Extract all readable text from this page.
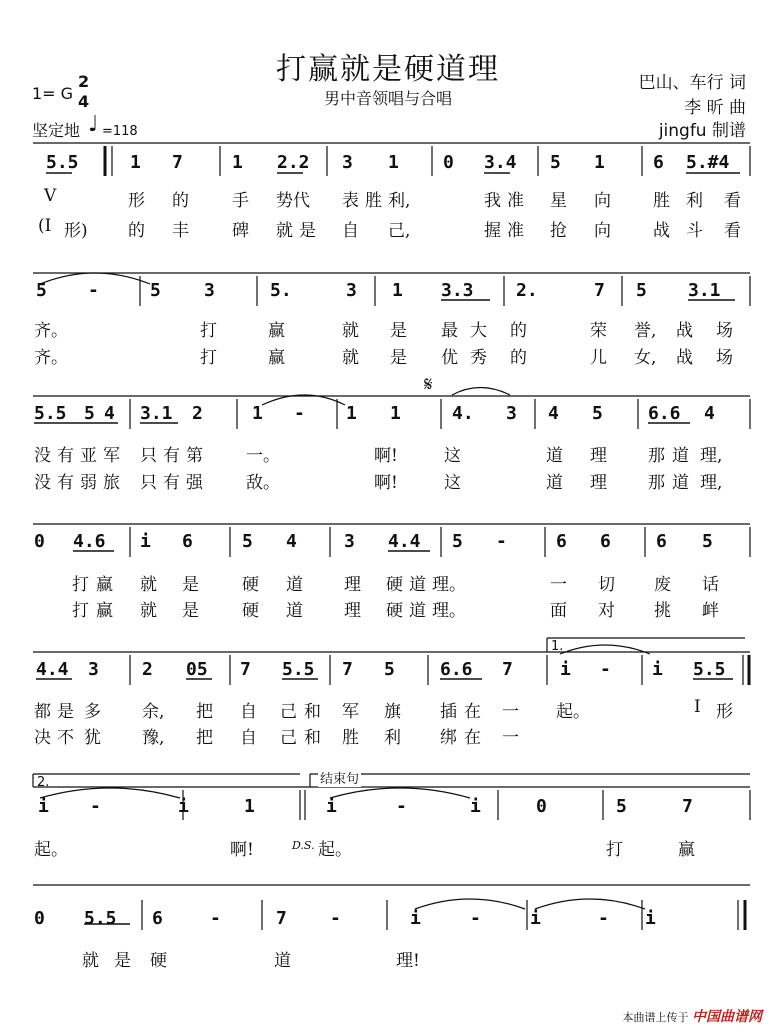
打赢就是硬道理
男中音领唱与合唱
巴山、车行 词
李 昕 曲
jingfu 制谱
1= G
2
4
坚定地 ♩ =118
𝄋
1.
2.	结束句
5.5	1 7	1 2.2 3 1 0 3.4 5 1	6 5.#4
V	形 的	手 势 代 表 胜 利,	我 准 星 向 胜 利 看
(I 形) 的 丰	碑 就 是 自 己,	握 准 抢 向 战 斗 看
5 -	5 3	5.	3 1 3.3 2.	7 5 3.1
齐。	打	赢	就 是 最 大 的	荣 誉, 战 场
齐。	打	赢	就 是 优 秀 的	儿 女, 战 场
5.5 5 4 3.1 2	1 - 1 1	4. 3 4 5	6.6 4
没 有 亚 军 只 有 第	一。	啊!	这	道 理 那 道 理,
没 有 弱 旅 只 有 强	敌。	啊!	这	道 理 那 道 理,
0 4.6 i 6	5 4	3 4.4 5 -	6 6	6 5
打 赢 就 是	硬 道 理 硬 道 理。	一 切 废 话
打 赢 就 是	硬 道 理 硬 道 理。	面 对 挑 衅
4.4 3 2 05 7 5.5 7 5	6.6 7	i - i 5.5
都 是 多 余, 把 自 己 和 军 旗 插 在 一 起。	I 形
决 不 犹 豫, 把 自 己 和 胜 利 绑 在 一
i -	i	1	i	-	i	0	5	7
起。	啊!	D.S. 起。	打	赢
0 5.5 6	-	7 -	i	-	i	- i
就 是 硬	道	理!
本曲谱上传于 中国曲谱网
